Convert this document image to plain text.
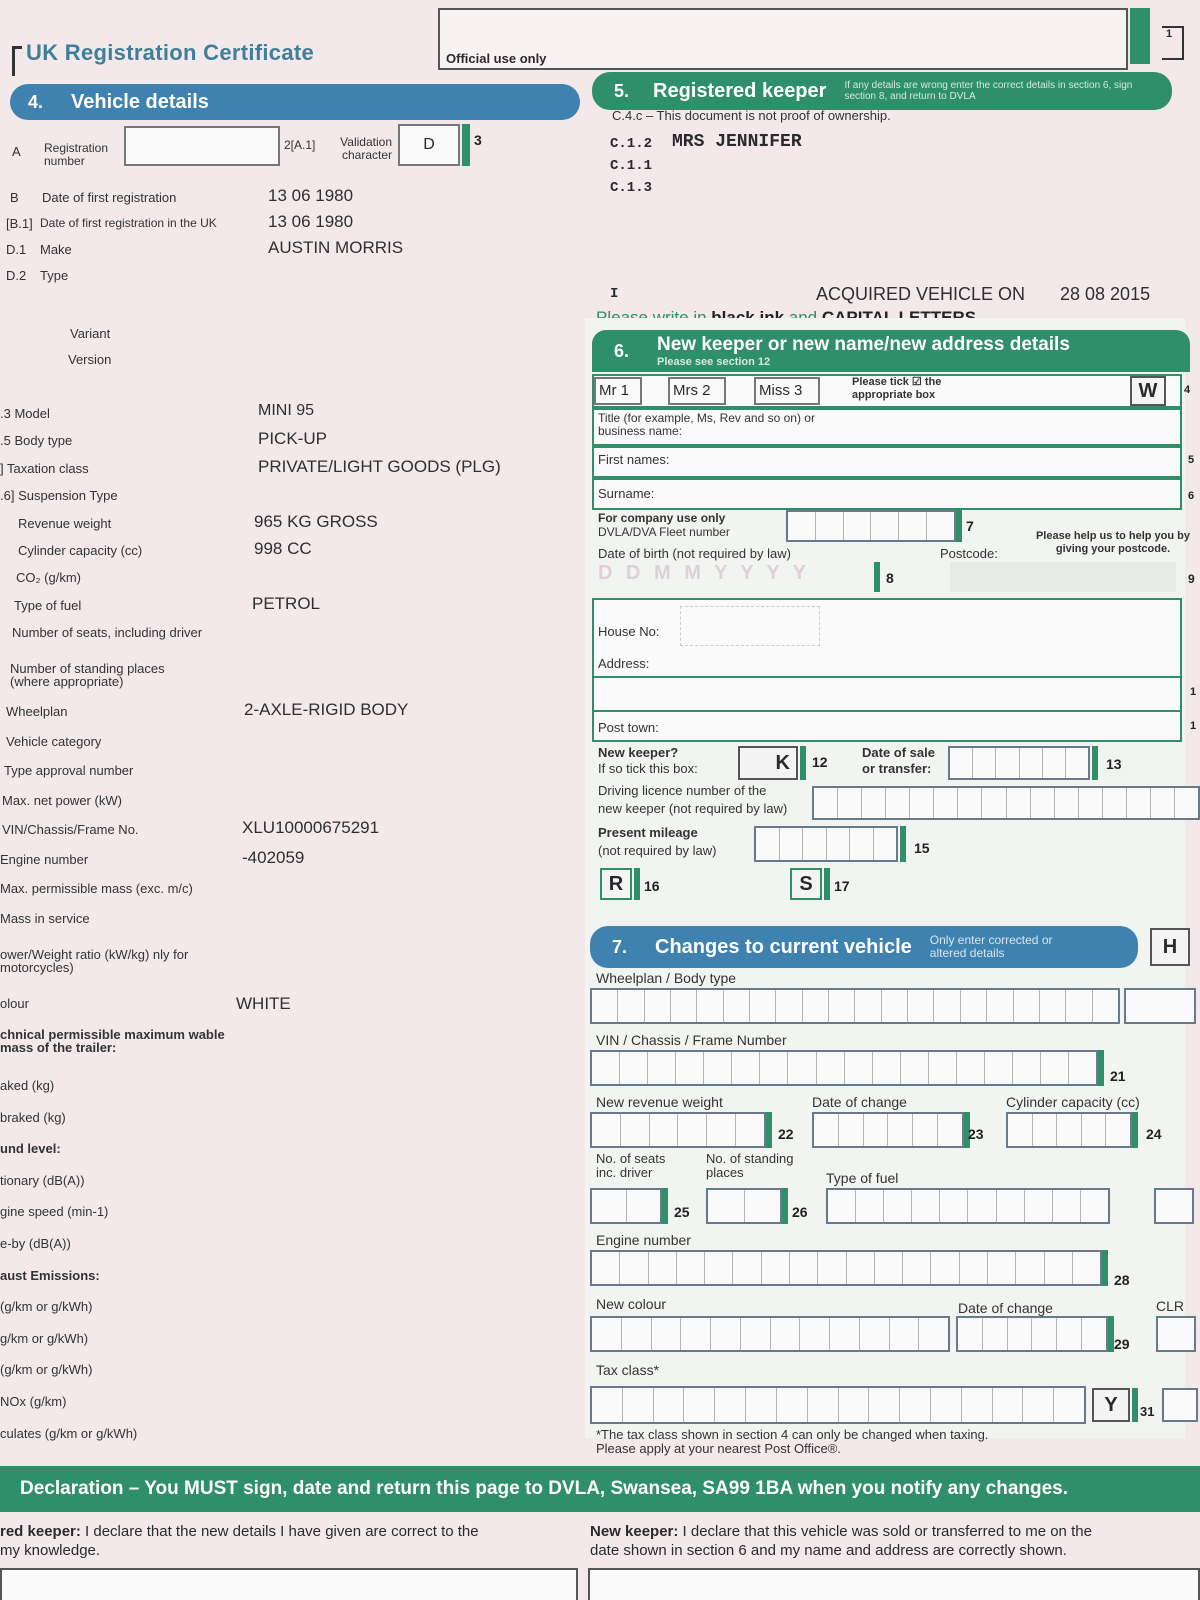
UK Registration Certificate	Official use only
1
4. Vehicle details
A Registration number
2[A.1]	Validation character
D	3
B Date of first registration	13 06 1980
[B.1] Date of first registration in the UK	13 06 1980
D.1 Make	AUSTIN MORRIS
D.2 Type
Variant
Version
.3 Model	MINI 95
.5 Body type	PICK-UP
] Taxation class	PRIVATE/LIGHT GOODS (PLG)
.6] Suspension Type
Revenue weight	965 KG GROSS
Cylinder capacity (cc)	998 CC
CO₂ (g/km)
Type of fuel	PETROL
Number of seats, including driver
Number of standing places (where appropriate)
Wheelplan	2-AXLE-RIGID BODY
Vehicle category
Type approval number
Max. net power (kW)
VIN/Chassis/Frame No.	XLU10000675291
Engine number	-402059
Max. permissible mass (exc. m/c)
Mass in service
ower/Weight ratio (kW/kg) nly for motorcycles)
olour	WHITE
chnical permissible maximum wable mass of the trailer:
aked (kg)
braked (kg)
und level:
tionary (dB(A))
gine speed (min-1)
e-by (dB(A))
aust Emissions:
(g/km or g/kWh)
g/km or g/kWh)
(g/km or g/kWh)
NOx (g/km)
culates (g/km or g/kWh)
5. Registered keeper If any details are wrong enter the correct details in section 6, sign section 8, and return to DVLA
C.4.c – This document is not proof of ownership.
C.1.2 MRS JENNIFER
C.1.1
C.1.3
I	ACQUIRED VEHICLE ON 28 08 2015
6. New keeper or new name/new address details
Please see section 12
Mr 1	Mrs 2	Miss 3	Please tick ☑ the appropriate box	W 4
Title (for example, Ms, Rev and so on) or business name:
First names:	5
Surname:	6
For company use only
DVLA/DVA Fleet number	7
Please help us to help you by giving your postcode.
Date of birth (not required by law)	Postcode:
D D M M Y Y Y Y	8	9
House No:
Address:
1
Post town:	1
New keeper?
If so tick this box:	K 12
Date of sale
or transfer:	13
Driving licence number of the
new keeper (not required by law)
Present mileage
(not required by law)	15
R 16	S 17
7. Changes to current vehicle Only enter corrected or altered details	H
Wheelplan / Body type
VIN / Chassis / Frame Number
21
New revenue weight	Date of change	Cylinder capacity (cc)
22	23	24
No. of seats
inc. driver
No. of standing
places	Type of fuel
25	26
Engine number
28
New colour	Date of change	CLR
29
Tax class*
Y 31
*The tax class shown in section 4 can only be changed when taxing.
Please apply at your nearest Post Office®.
Declaration – You MUST sign, date and return this page to DVLA, Swansea, SA99 1BA when you notify any changes.
red keeper: I declare that the new details I have given are correct to the
my knowledge.
New keeper: I declare that this vehicle was sold or transferred to me on the
date shown in section 6 and my name and address are correctly shown.
